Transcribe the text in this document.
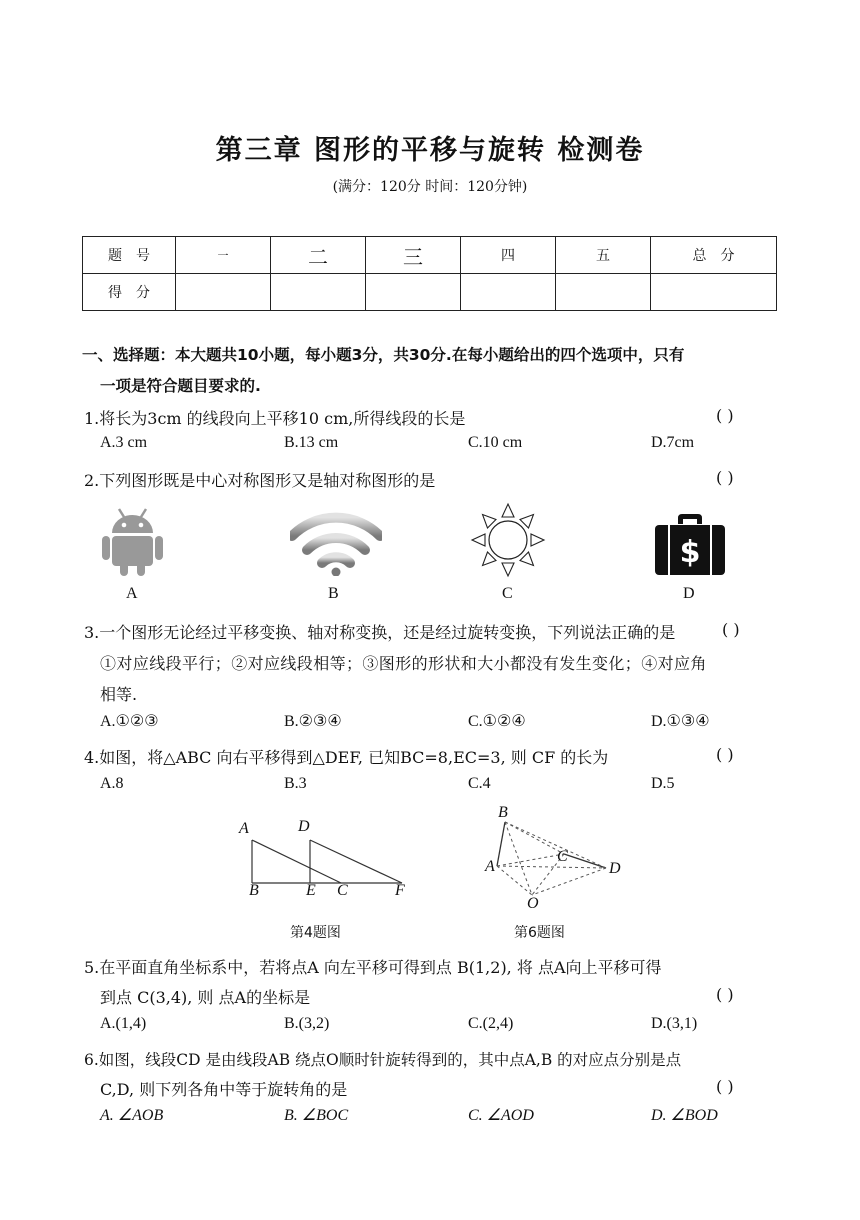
第三章 图形的平移与旋转 检测卷
(满分：120分 时间：120分钟)
题　号	一	二	三	四	五	总　分
得　分						
一、选择题：本大题共10小题，每小题3分，共30分.在每小题给出的四个选项中，只有
一项是符合题目要求的.
1.将长为3cm 的线段向上平移10 cm,所得线段的长是	( )
A.3 cm	B.13 cm	C.10 cm	D.7cm
2.下列图形既是中心对称图形又是轴对称图形的是	( )
$
A	B	C	D
3.一个图形无论经过平移变换、轴对称变换，还是经过旋转变换，下列说法正确的是	( )
①对应线段平行；②对应线段相等；③图形的形状和大小都没有发生变化；④对应角
相等.
A.①②③	B.②③④	C.①②④	D.①③④
4.如图，将△ABC 向右平移得到△DEF, 已知BC=8,EC=3, 则 CF 的长为	( )
A.8	B.3	C.4	D.5
A	D
B	E C	F
第4题图
B
A
C
D
O
第6题图
5.在平面直角坐标系中，若将点A 向左平移可得到点 B(1,2), 将 点A向上平移可得
到点 C(3,4), 则 点A的坐标是	( )
A.(1,4)	B.(3,2)	C.(2,4)	D.(3,1)
6.如图，线段CD 是由线段AB 绕点O顺时针旋转得到的，其中点A,B 的对应点分别是点
C,D, 则下列各角中等于旋转角的是	( )
A. ∠AOB	B. ∠BOC	C. ∠AOD	D. ∠BOD
